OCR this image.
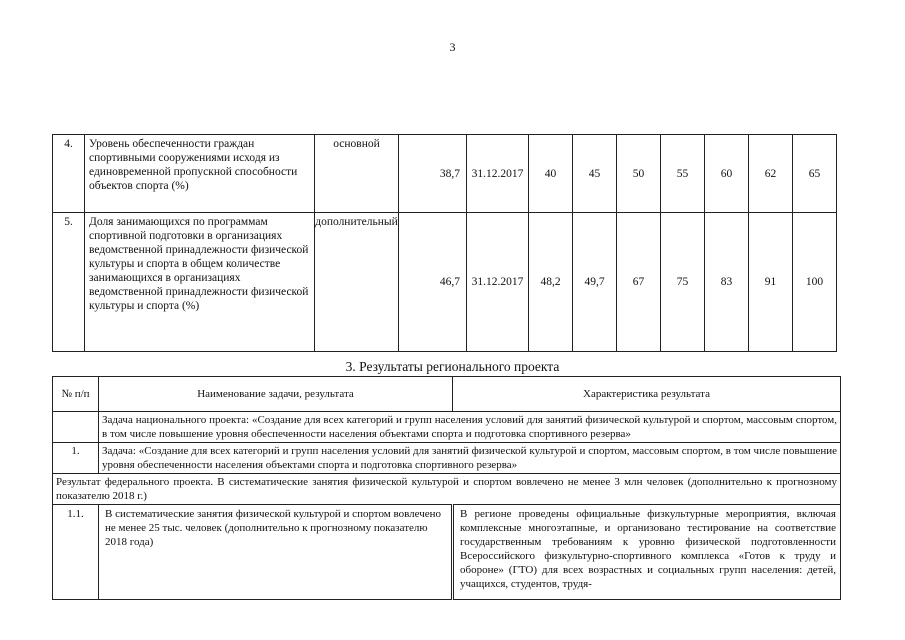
3
4.	Уровень обеспеченности граждан спортивными сооружениями исходя из единовременной пропускной способности объектов спорта (%)	основной	38,7	31.12.2017	40	45	50	55	60	62	65
5.	Доля занимающихся по программам спортивной подготовки в организациях ведомственной принадлежности физической культуры и спорта в общем количестве занимающихся в организациях ведомственной принадлежности физической культуры и спорта (%)	дополнительный	46,7	31.12.2017	48,2	49,7	67	75	83	91	100
3. Результаты регионального проекта
№ п/п	Наименование задачи, результата	Характеристика результата
	Задача национального проекта: «Создание для всех категорий и групп населения условий для занятий физической культурой и спортом, массовым спортом, в том числе повышение уровня обеспеченности населения объектами спорта и подготовка спортивного резерва»	
1.	Задача: «Создание для всех категорий и групп населения условий для занятий физической культурой и спортом, массовым спортом, в том числе повышение уровня обеспеченности населения объектами спорта и подготовка спортивного резерва»	
Результат федерального проекта. В систематические занятия физической культурой и спортом вовлечено не менее 3 млн человек (дополнительно к прогнозному показателю 2018 г.)		
1.1.	В систематические занятия физической культурой и спортом вовлечено не менее 25 тыс. человек (дополнительно к прогнозному показателю 2018 года)	В регионе проведены официальные физкультурные мероприятия, включая комплексные многоэтапные, и организовано тестирование на соответствие государственным требованиям к уровню физической подготовленности Всероссийского физкультурно-спортивного комплекса «Готов к труду и обороне» (ГТО) для всех возрастных и социальных групп населения: детей, учащихся, студентов, трудя-
